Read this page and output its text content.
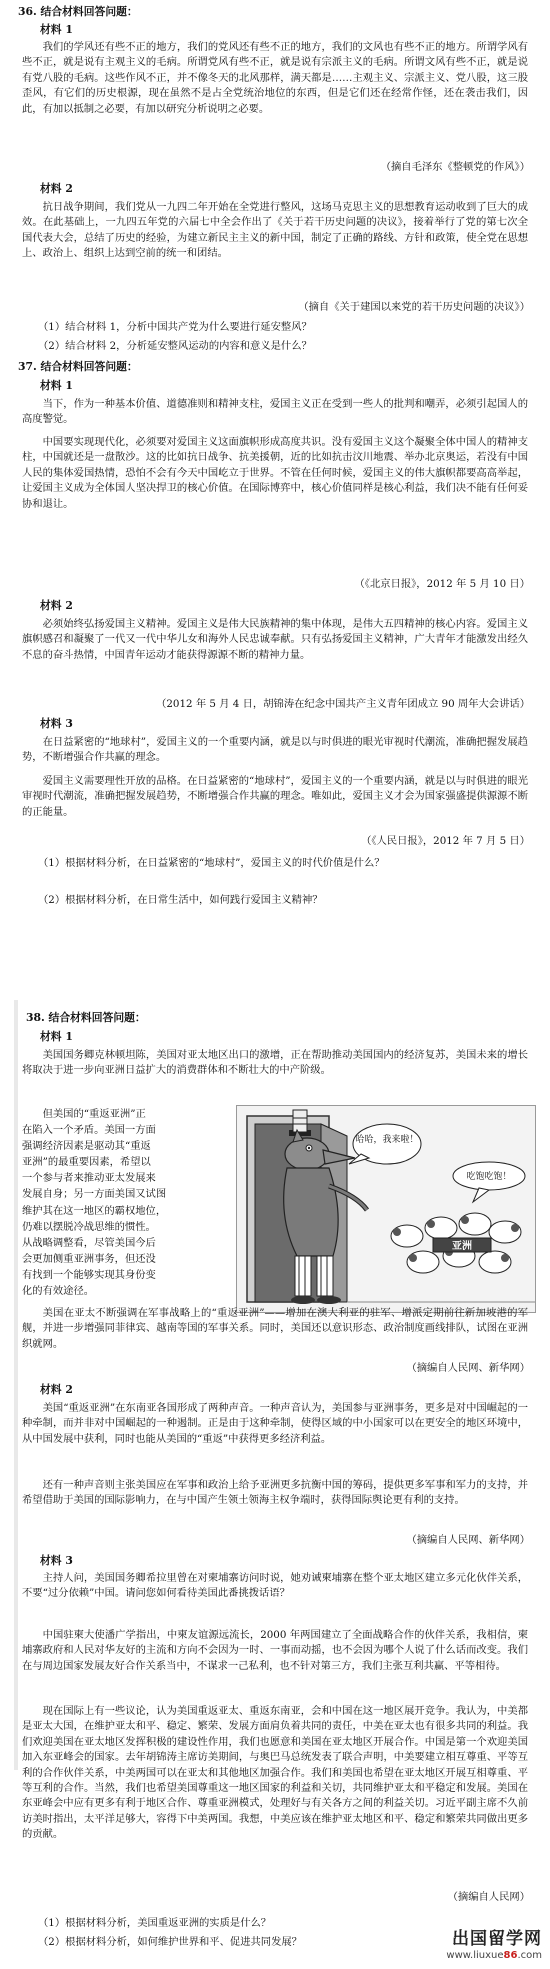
36. 结合材料回答问题：
材料 1

我们的学风还有些不正的地方，我们的党风还有些不正的地方，我们的文风也有些不正的地方。所谓学风有些不正，就是说有主观主义的毛病。所谓党风有些不正，就是说有宗派主义的毛病。所谓文风有些不正，就是说有党八股的毛病。这些作风不正，并不像冬天的北风那样，满天都是……主观主义、宗派主义、党八股，这三股歪风，有它们的历史根源，现在虽然不是占全党统治地位的东西，但是它们还在经常作怪，还在袭击我们，因此，有加以抵制之必要，有加以研究分析说明之必要。

（摘自毛泽东《整顿党的作风》）
材料 2

抗日战争期间，我们党从一九四二年开始在全党进行整风，这场马克思主义的思想教育运动收到了巨大的成效。在此基础上，一九四五年党的六届七中全会作出了《关于若干历史问题的决议》，接着举行了党的第七次全国代表大会，总结了历史的经验，为建立新民主主义的新中国，制定了正确的路线、方针和政策，使全党在思想上、政治上、组织上达到空前的统一和团结。

（摘自《关于建国以来党的若干历史问题的决议》）

（1）结合材料 1，分析中国共产党为什么要进行延安整风？

（2）结合材料 2，分析延安整风运动的内容和意义是什么？

37. 结合材料回答问题：
材料 1

当下，作为一种基本价值、道德准则和精神支柱，爱国主义正在受到一些人的批判和嘲弄，必须引起国人的高度警觉。

中国要实现现代化，必须要对爱国主义这面旗帜形成高度共识。没有爱国主义这个凝聚全体中国人的精神支柱，中国就还是一盘散沙。这的比如抗日战争、抗美援朝，近的比如抗击汶川地震、举办北京奥运，若没有中国人民的集体爱国热情，恐怕不会有今天中国屹立于世界。不管在任何时候，爱国主义的伟大旗帜都要高高举起，让爱国主义成为全体国人坚决捍卫的核心价值。在国际博弈中，核心价值同样是核心利益，我们决不能有任何妥协和退让。

（《北京日报》，2012 年 5 月 10 日）
材料 2

必须始终弘扬爱国主义精神。爱国主义是伟大民族精神的集中体现，是伟大五四精神的核心内容。爱国主义旗帜感召和凝聚了一代又一代中华儿女和海外人民忠诚奉献。只有弘扬爱国主义精神，广大青年才能激发出经久不息的奋斗热情，中国青年运动才能获得源源不断的精神力量。

（2012 年 5 月 4 日，胡锦涛在纪念中国共产主义青年团成立 90 周年大会讲话）
材料 3

在日益紧密的“地球村”，爱国主义的一个重要内涵，就是以与时俱进的眼光审视时代潮流，准确把握发展趋势，不断增强合作共赢的理念。

爱国主义需要理性开放的品格。在日益紧密的“地球村”，爱国主义的一个重要内涵，就是以与时俱进的眼光审视时代潮流，准确把握发展趋势，不断增强合作共赢的理念。唯如此，爱国主义才会为国家强盛提供源源不断的正能量。

（《人民日报》，2012 年 7 月 5 日）

（1）根据材料分析，在日益紧密的“地球村”，爱国主义的时代价值是什么？

（2）根据材料分析，在日常生活中，如何践行爱国主义精神？

38. 结合材料回答问题：
材料 1

美国国务卿克林顿坦陈，美国对亚太地区出口的激增，正在帮助推动美国国内的经济复苏，美国未来的增长将取决于进一步向亚洲日益扩大的消费群体和不断壮大的中产阶级。

但美国的“重返亚洲”正
在陷入一个矛盾。美国一方面
强调经济因素是驱动其“重返
亚洲”的最重要因素，希望以
一个参与者来推动亚太发展来
发展自身；另一方面美国又试图
维护其在这一地区的霸权地位，
仍难以摆脱冷战思维的惯性。
从战略调整看，尽管美国今后
会更加侧重亚洲事务，但还没
有找到一个能够实现其身份变
化的有效途径。
哈哈，我来啦！
吃饱吃饱！
亚洲

美国在亚太不断强调在军事战略上的“重返亚洲”——增加在澳大利亚的驻军、增派定期前往新加坡港的军舰，并进一步增强同菲律宾、越南等国的军事关系。同时，美国还以意识形态、政治制度画线排队，试图在亚洲织就网。

（摘编自人民网、新华网）
材料 2

美国“重返亚洲”在东南亚各国形成了两种声音。一种声音认为，美国参与亚洲事务，更多是对中国崛起的一种牵制，而并非对中国崛起的一种遏制。正是由于这种牵制，使得区域的中小国家可以在更安全的地区环境中，从中国发展中获利，同时也能从美国的“重返”中获得更多经济利益。

还有一种声音则主张美国应在军事和政治上给予亚洲更多抗衡中国的筹码，提供更多军事和军力的支持，并希望借助于美国的国际影响力，在与中国产生领土领海主权争端时，获得国际舆论更有利的支持。

（摘编自人民网、新华网）
材料 3

主持人问，美国国务卿希拉里曾在对柬埔寨访问时说，她劝诫柬埔寨在整个亚太地区建立多元化伙伴关系，不要“过分依赖”中国。请问您如何看待美国此番挑拨话语？

中国驻柬大使潘广学指出，中柬友谊源远流长，2000 年两国建立了全面战略合作的伙伴关系，我相信，柬埔寨政府和人民对华友好的主流和方向不会因为一时、一事而动摇，也不会因为哪个人说了什么话而改变。我们在与周边国家发展友好合作关系当中，不谋求一己私利，也不针对第三方，我们主张互利共赢、平等相待。

现在国际上有一些议论，认为美国重返亚太、重返东南亚，会和中国在这一地区展开竞争。我认为，中美都是亚太大国，在维护亚太和平、稳定、繁荣、发展方面肩负着共同的责任，中美在亚太也有很多共同的利益。我们欢迎美国在亚太地区发挥积极的建设性作用，我们也愿意和美国在亚太地区开展合作。中国是第一个欢迎美国加入东亚峰会的国家。去年胡锦涛主席访美期间，与奥巴马总统发表了联合声明，中美要建立相互尊重、平等互利的合作伙伴关系，中美两国可以在亚太和其他地区加强合作。我们和美国也希望在亚太地区开展互相尊重、平等互利的合作。当然，我们也希望美国尊重这一地区国家的利益和关切，共同维护亚太和平稳定和发展。美国在东亚峰会中应有更多有利于地区合作、尊重亚洲模式，处理好与有关各方之间的利益关切。习近平副主席不久前访美时指出，太平洋足够大，容得下中美两国。我想，中美应该在维护亚太地区和平、稳定和繁荣共同做出更多的贡献。

（摘编自人民网）

（1）根据材料分析，美国重返亚洲的实质是什么？

（2）根据材料分析，如何维护世界和平、促进共同发展？	出国留学网
www.liuxue86.com
